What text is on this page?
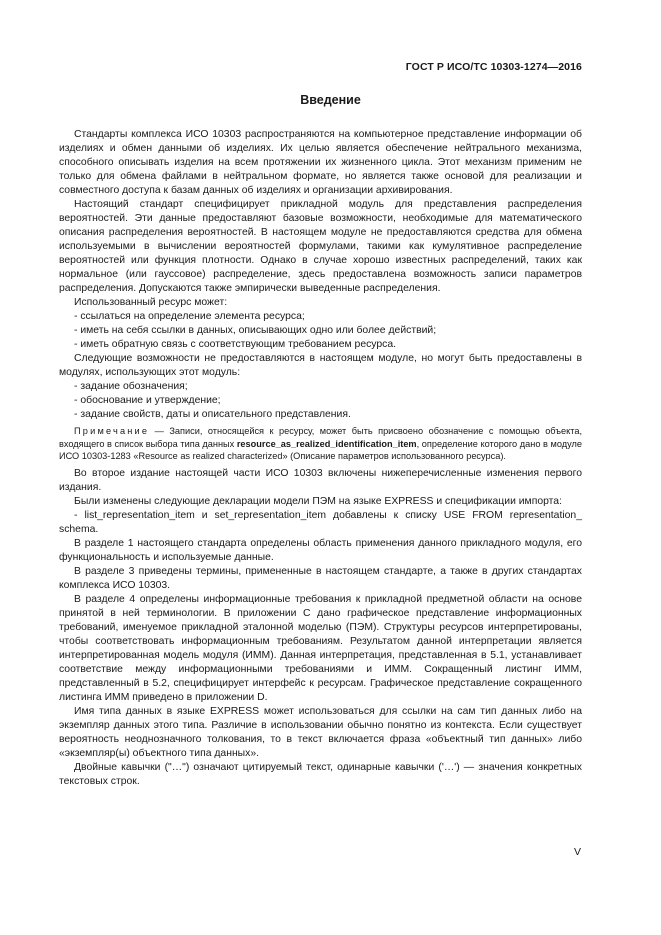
ГОСТ Р ИСО/ТС 10303-1274—2016
Введение

Стандарты комплекса ИСО 10303 распространяются на компьютерное представление информации об изделиях и обмен данными об изделиях. Их целью является обеспечение нейтрального механизма, способного описывать изделия на всем протяжении их жизненного цикла. Этот механизм применим не только для обмена файлами в нейтральном формате, но является также основой для реализации и совместного доступа к базам данных об изделиях и организации архивирования.

Настоящий стандарт специфицирует прикладной модуль для представления распределения вероятностей. Эти данные предоставляют базовые возможности, необходимые для математического описания распределения вероятностей. В настоящем модуле не предоставляются средства для обмена используемыми в вычислении вероятностей формулами, такими как кумулятивное распределение вероятностей или функция плотности. Однако в случае хорошо известных распределений, таких как нормальное (или гауссовое) распределение, здесь предоставлена возможность записи параметров распределения. Допускаются также эмпирически выведенные распределения.

Использованный ресурс может:

- ссылаться на определение элемента ресурса;
- иметь на себя ссылки в данных, описывающих одно или более действий;
- иметь обратную связь с соответствующим требованием ресурса.

Следующие возможности не предоставляются в настоящем модуле, но могут быть предоставлены в модулях, использующих этот модуль:

- задание обозначения;
- обоснование и утверждение;
- задание свойств, даты и описательного представления.

Примечание — Записи, относящейся к ресурсу, может быть присвоено обозначение с помощью объекта, входящего в список выбора типа данных resource_as_realized_identification_item, определение которого дано в модуле ИСО 10303-1283 «Resource as realized characterized» (Описание параметров использованного ресурса).

Во второе издание настоящей части ИСО 10303 включены нижеперечисленные изменения первого издания.

Были изменены следующие декларации модели ПЭМ на языке EXPRESS и спецификации импорта:

- list_representation_item и set_representation_item добавлены к списку USE FROM representation_ schema.

В разделе 1 настоящего стандарта определены область применения данного прикладного модуля, его функциональность и используемые данные.

В разделе 3 приведены термины, примененные в настоящем стандарте, а также в других стандартах комплекса ИСО 10303.

В разделе 4 определены информационные требования к прикладной предметной области на основе принятой в ней терминологии. В приложении С дано графическое представление информационных требований, именуемое прикладной эталонной моделью (ПЭМ). Структуры ресурсов интерпретированы, чтобы соответствовать информационным требованиям. Результатом данной интерпретации является интерпретированная модель модуля (ИММ). Данная интерпретация, представленная в 5.1, устанавливает соответствие между информационными требованиями и ИММ. Сокращенный листинг ИММ, представленный в 5.2, специфицирует интерфейс к ресурсам. Графическое представление сокращенного листинга ИММ приведено в приложении D.

Имя типа данных в языке EXPRESS может использоваться для ссылки на сам тип данных либо на экземпляр данных этого типа. Различие в использовании обычно понятно из контекста. Если существует вероятность неоднозначного толкования, то в текст включается фраза «объектный тип данных» либо «экземпляр(ы) объектного типа данных».

Двойные кавычки ("…") означают цитируемый текст, одинарные кавычки ('…') — значения конкретных текстовых строк.

V
